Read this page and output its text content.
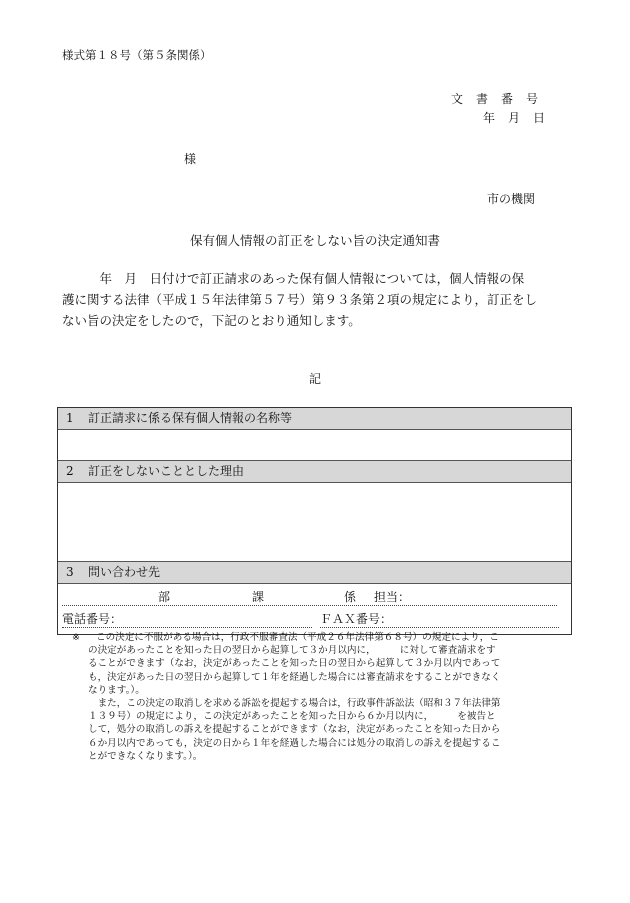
様式第１８号（第５条関係）
文書番号
年月日
様
市の機関
保有個人情報の訂正をしない旨の決定通知書
　　　年　月　日付けで訂正請求のあった保有個人情報については，個人情報の保
護に関する法律（平成１５年法律第５７号）第９３条第２項の規定により，訂正をし
ない旨の決定をしたので，下記のとおり通知します。
記
1 訂正請求に係る保有個人情報の名称等
2 訂正をしないこととした理由
3 問い合わせ先
部	課	係 担当：
電話番号：	ＦＡＸ番号：
※ この決定に不服がある場合は，行政不服審査法（平成２６年法律第６８号）の規定により，こ
の決定があったことを知った日の翌日から起算して３か月以内に，　　　に対して審査請求をす
ることができます（なお，決定があったことを知った日の翌日から起算して３か月以内であって
も，決定があった日の翌日から起算して１年を経過した場合には審査請求をすることができなく
なります。）。
　また，この決定の取消しを求める訴訟を提起する場合は，行政事件訴訟法（昭和３７年法律第
１３９号）の規定により，この決定があったことを知った日から６か月以内に，　　　を被告と
して，処分の取消しの訴えを提起することができます（なお，決定があったことを知った日から
６か月以内であっても，決定の日から１年を経過した場合には処分の取消しの訴えを提起するこ
とができなくなります。）。
